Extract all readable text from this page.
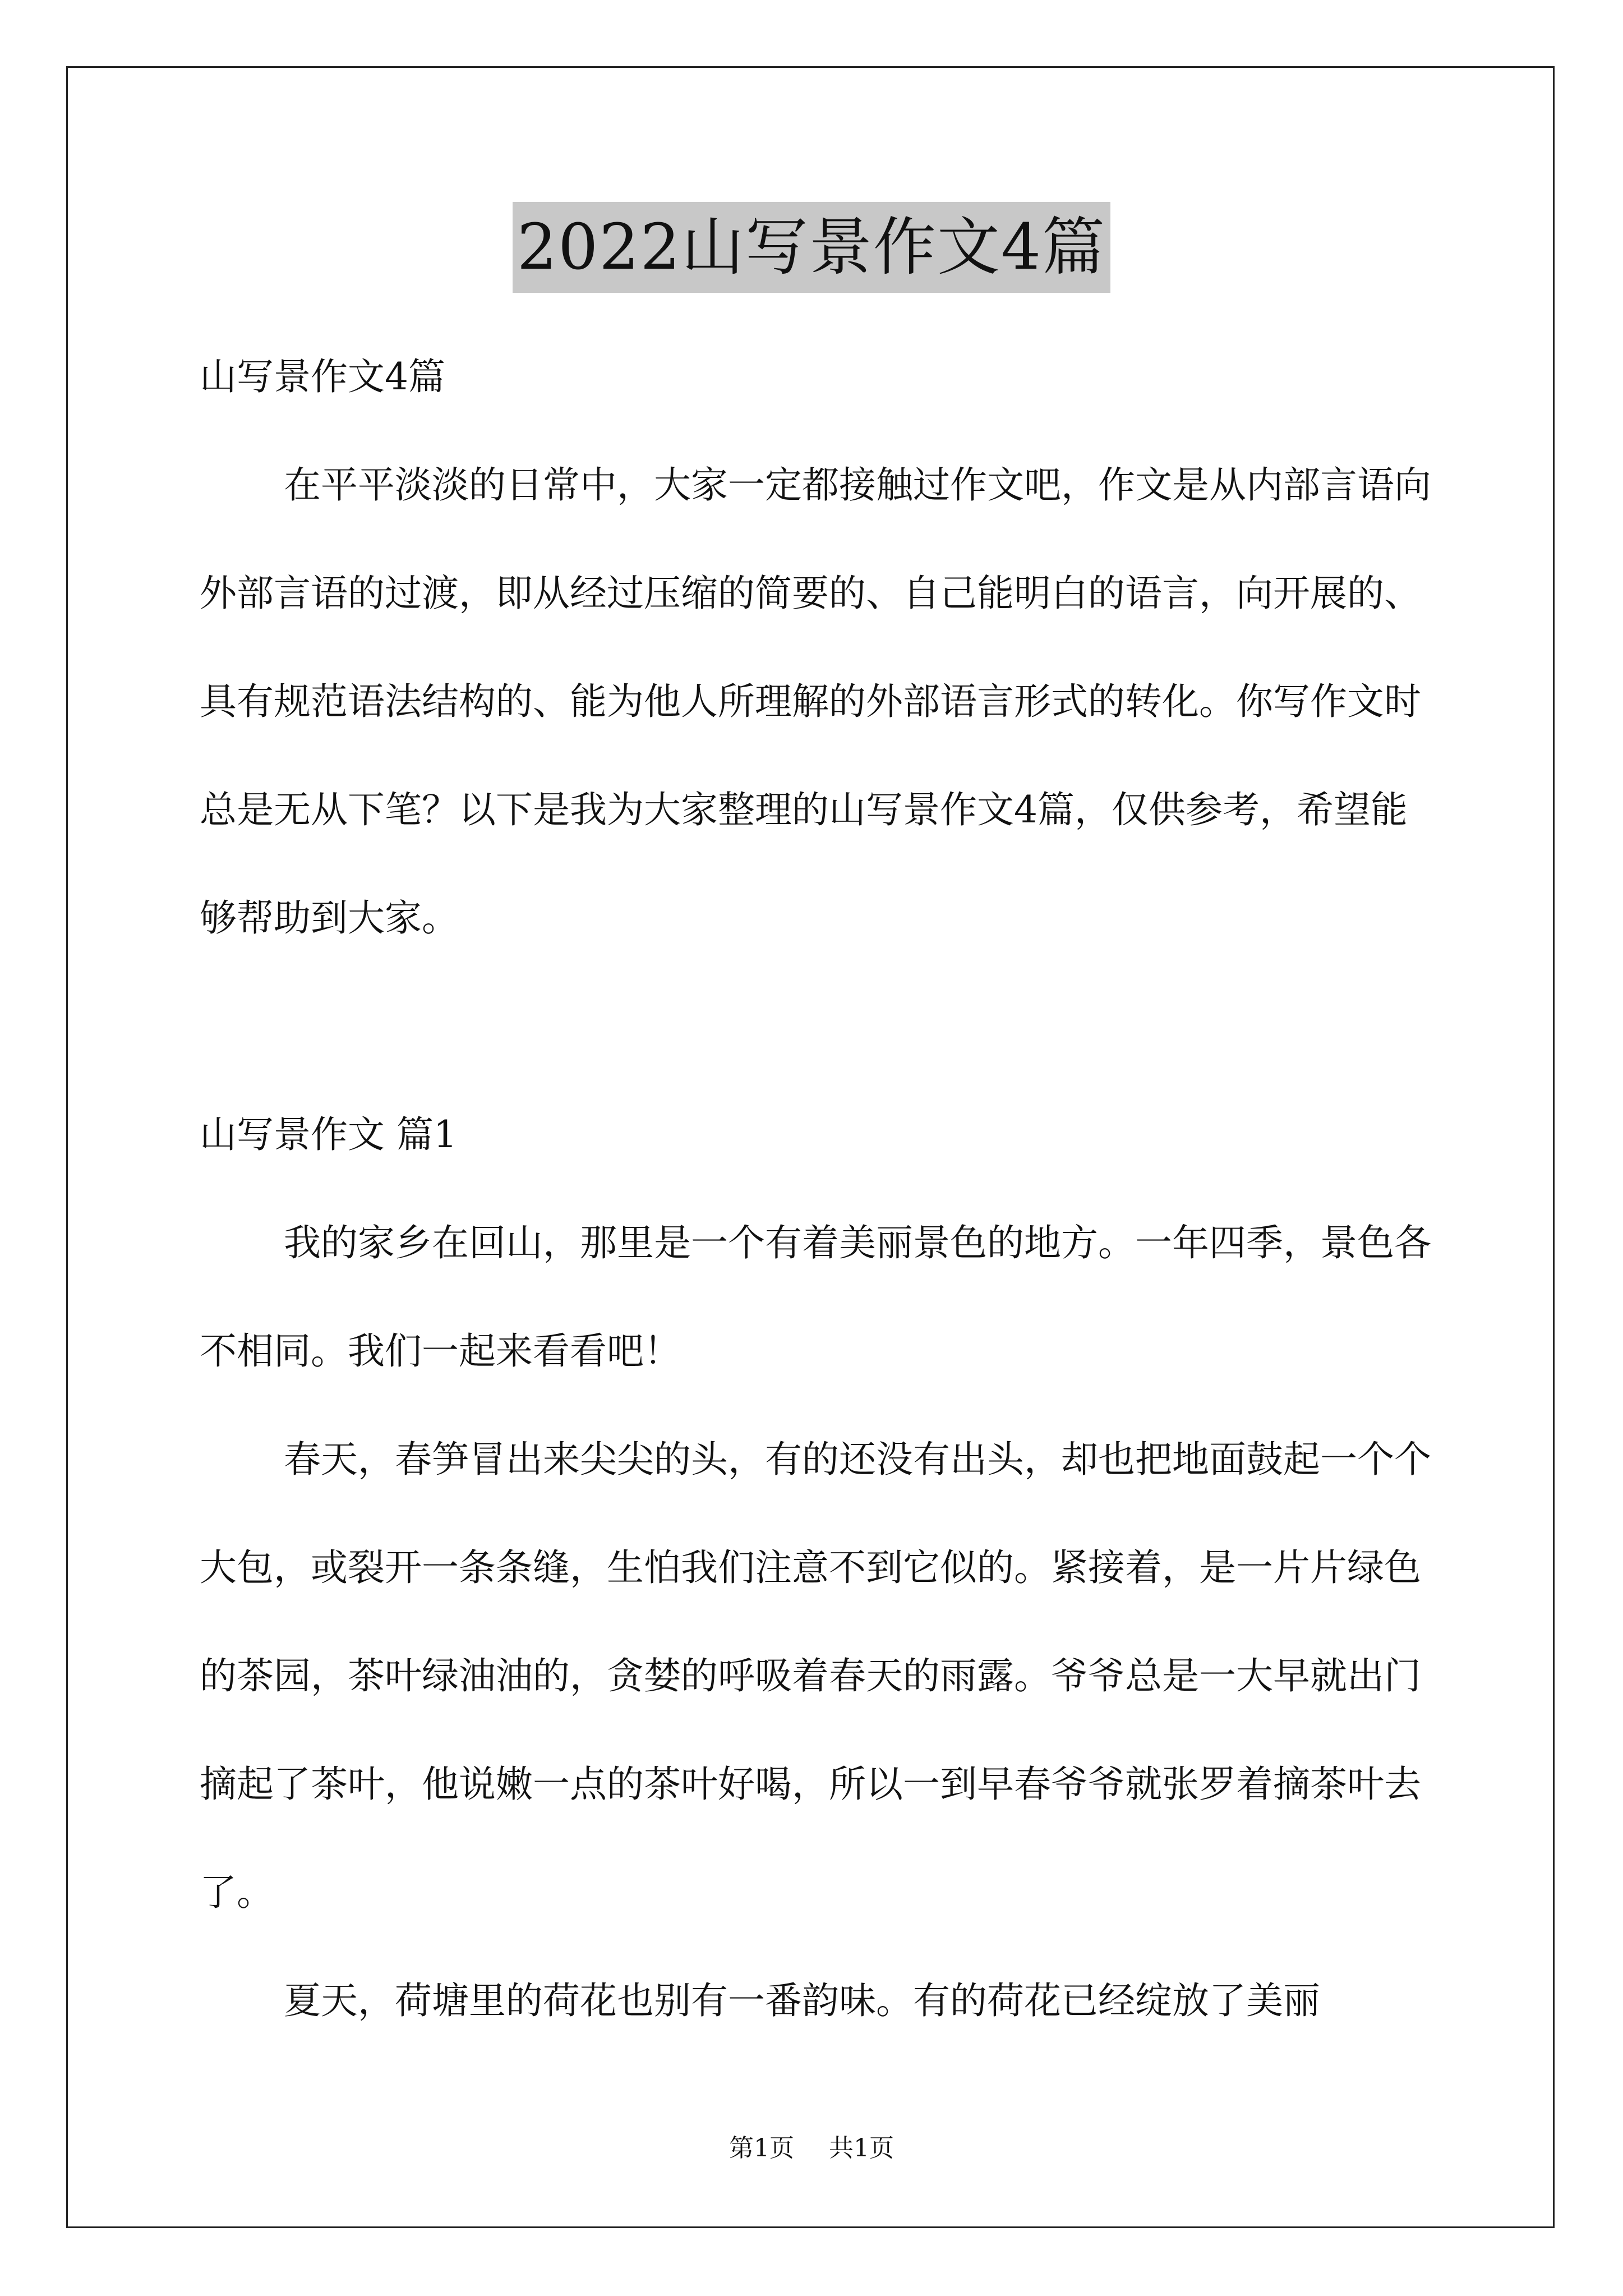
2022山写景作文4篇

山写景作文4篇

在平平淡淡的日常中，大家一定都接触过作文吧，作文是从内部言语向外部言语的过渡，即从经过压缩的简要的、自己能明白的语言，向开展的、具有规范语法结构的、能为他人所理解的外部语言形式的转化。你写作文时总是无从下笔？以下是我为大家整理的山写景作文4篇，仅供参考，希望能够帮助到大家。

山写景作文 篇1

我的家乡在回山，那里是一个有着美丽景色的地方。一年四季，景色各不相同。我们一起来看看吧！

春天，春笋冒出来尖尖的头，有的还没有出头，却也把地面鼓起一个个大包，或裂开一条条缝，生怕我们注意不到它似的。紧接着，是一片片绿色的茶园，茶叶绿油油的，贪婪的呼吸着春天的雨露。爷爷总是一大早就出门摘起了茶叶，他说嫩一点的茶叶好喝，所以一到早春爷爷就张罗着摘茶叶去了。

夏天，荷塘里的荷花也别有一番韵味。有的荷花已经绽放了美丽

第1页 共1页
